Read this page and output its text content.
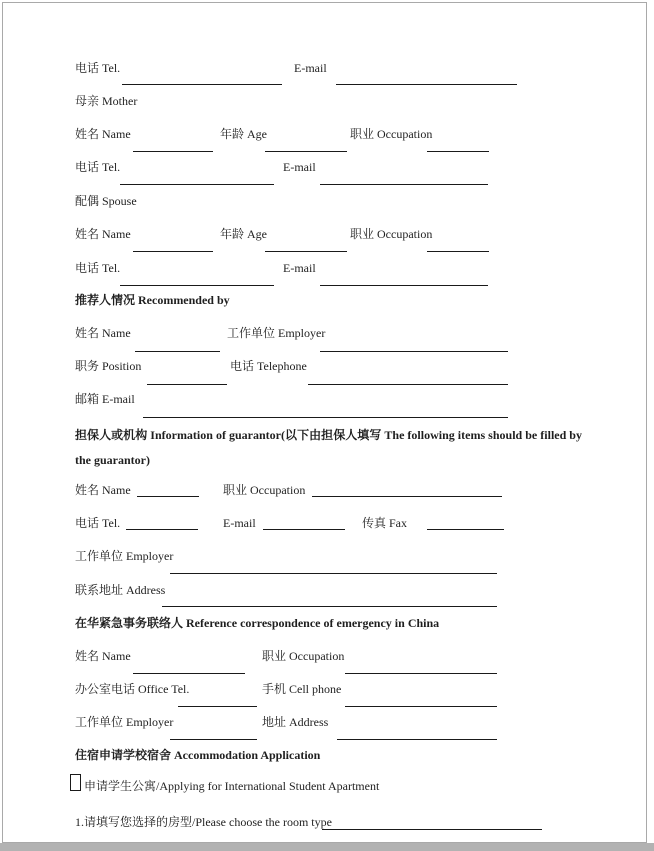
电话 Tel.	E-mail
母亲 Mother
姓名 Name	年龄 Age	职业 Occupation
电话 Tel.	E-mail
配偶 Spouse
姓名 Name	年龄 Age	职业 Occupation
电话 Tel.	E-mail
推荐人情况 Recommended by
姓名 Name	工作单位 Employer
职务 Position	电话 Telephone
邮箱 E-mail
担保人或机构 Information of guarantor(以下由担保人填写 The following items should be filled by the guarantor)
姓名 Name	职业 Occupation
电话 Tel.	E-mail	传真 Fax
工作单位 Employer
联系地址 Address
在华紧急事务联络人 Reference correspondence of emergency in China
姓名 Name	职业 Occupation
办公室电话 Office Tel.	手机 Cell phone
工作单位 Employer	地址 Address
住宿申请学校宿舍 Accommodation Application
申请学生公寓/Applying for International Student Apartment
1.请填写您选择的房型/Please choose the room type
